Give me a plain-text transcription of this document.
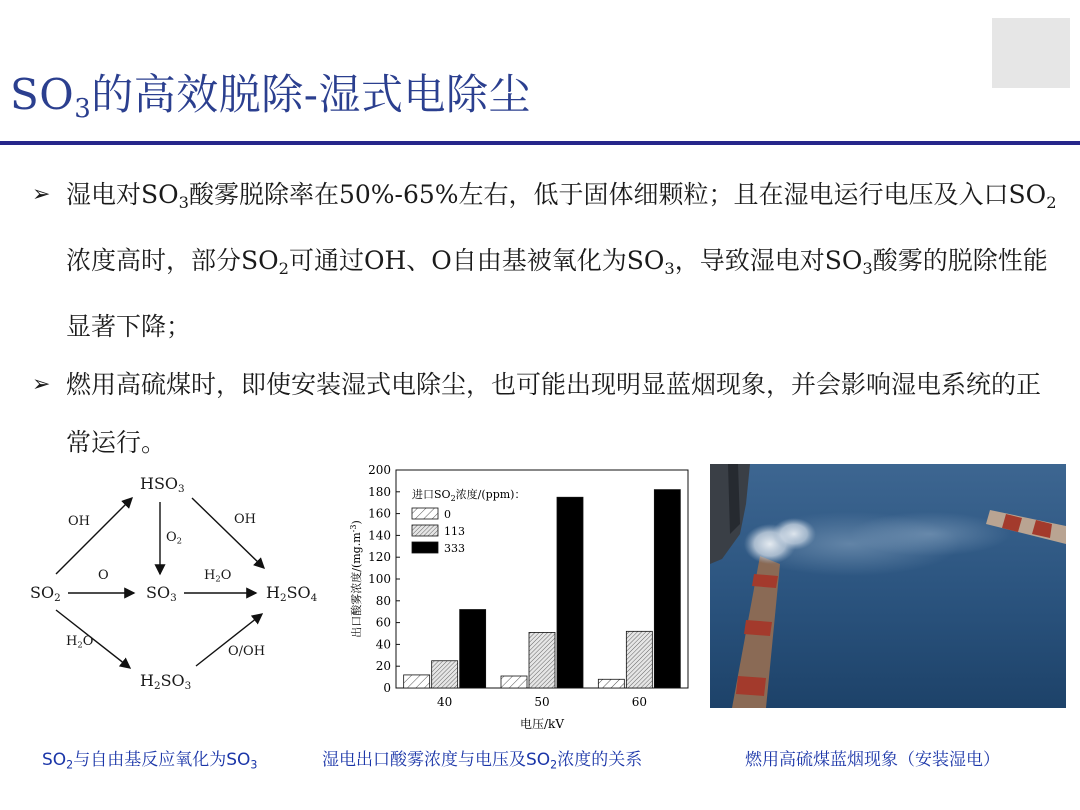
$SO_3$的高效脱除-湿式电除尘
➢ 湿电对$SO_3$酸雾脱除率在50%-65%左右，低于固体细颗粒；且在湿电运行电压及入口$SO_2$浓度高时，部分$SO_2$可通过OH、O自由基被氧化为$SO_3$，导致湿电对$SO_3$酸雾的脱除性能显著下降；
➢ 燃用高硫煤时，即使安装湿式电除尘，也可能出现明显蓝烟现象，并会影响湿电系统的正常运行。
$SO_2$
$HSO_3$
$SO_3$	$H_2SO_4$
$H_2SO_3$
OH	OH
$O_2$
O	$H_2O$
$H_2O$
O/OH
0
20
40
60
80
100
120
140
160
180
200
40	50	60
进口$SO_2$浓度/(ppm)：
0
113
333
电压/kV
出口酸雾浓度$/(mg.m^{-3})$
$SO_2$与自由基反应氧化为$SO_3$	湿电出口酸雾浓度与电压及$SO_2$浓度的关系	燃用高硫煤蓝烟现象（安装湿电）
